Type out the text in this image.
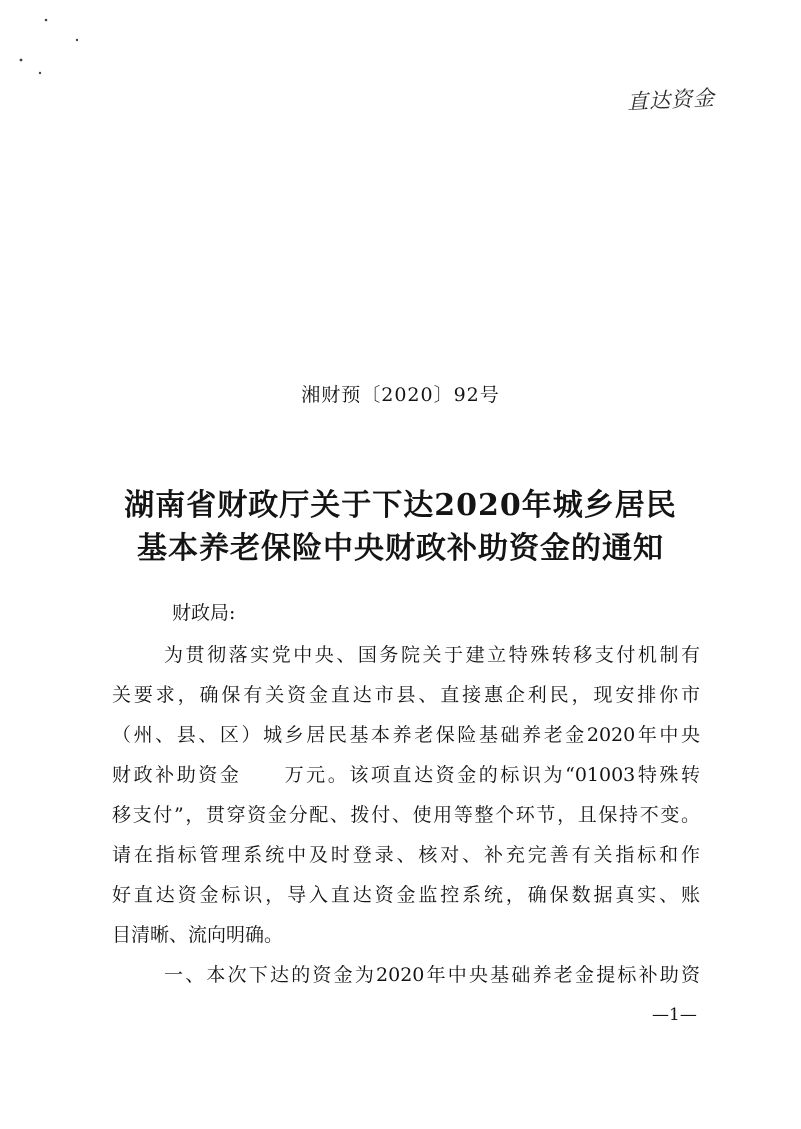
直达资金
湘财预〔2020〕92号
湖南省财政厅关于下达2020年城乡居民
基本养老保险中央财政补助资金的通知
财政局:
为贯彻落实党中央、国务院关于建立特殊转移支付机制有
关要求，确保有关资金直达市县、直接惠企利民，现安排你市
（州、县、区）城乡居民基本养老保险基础养老金2020年中央
财政补助资金　　万元。该项直达资金的标识为“01003特殊转
移支付”，贯穿资金分配、拨付、使用等整个环节，且保持不变。
请在指标管理系统中及时登录、核对、补充完善有关指标和作
好直达资金标识，导入直达资金监控系统，确保数据真实、账
目清晰、流向明确。
一、本次下达的资金为2020年中央基础养老金提标补助资
—1—
